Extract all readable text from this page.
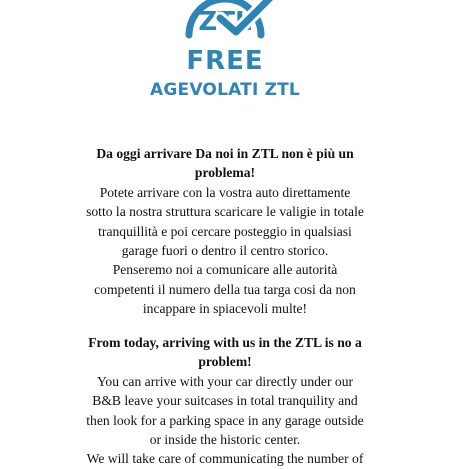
ZTL
FREE
AGEVOLATI ZTL
Da oggi arrivare Da noi in ZTL non è più un
problema!
Potete arrivare con la vostra auto direttamente
sotto la nostra struttura scaricare le valigie in totale
tranquillità e poi cercare posteggio in qualsiasi
garage fuori o dentro il centro storico.
Penseremo noi a comunicare alle autorità
competenti il numero della tua targa cosi da non
incappare in spiacevoli multe!
From today, arriving with us in the ZTL is no a
problem!
You can arrive with your car directly under our
B&B leave your suitcases in total tranquility and
then look for a parking space in any garage outside
or inside the historic center.
We will take care of communicating the number of
